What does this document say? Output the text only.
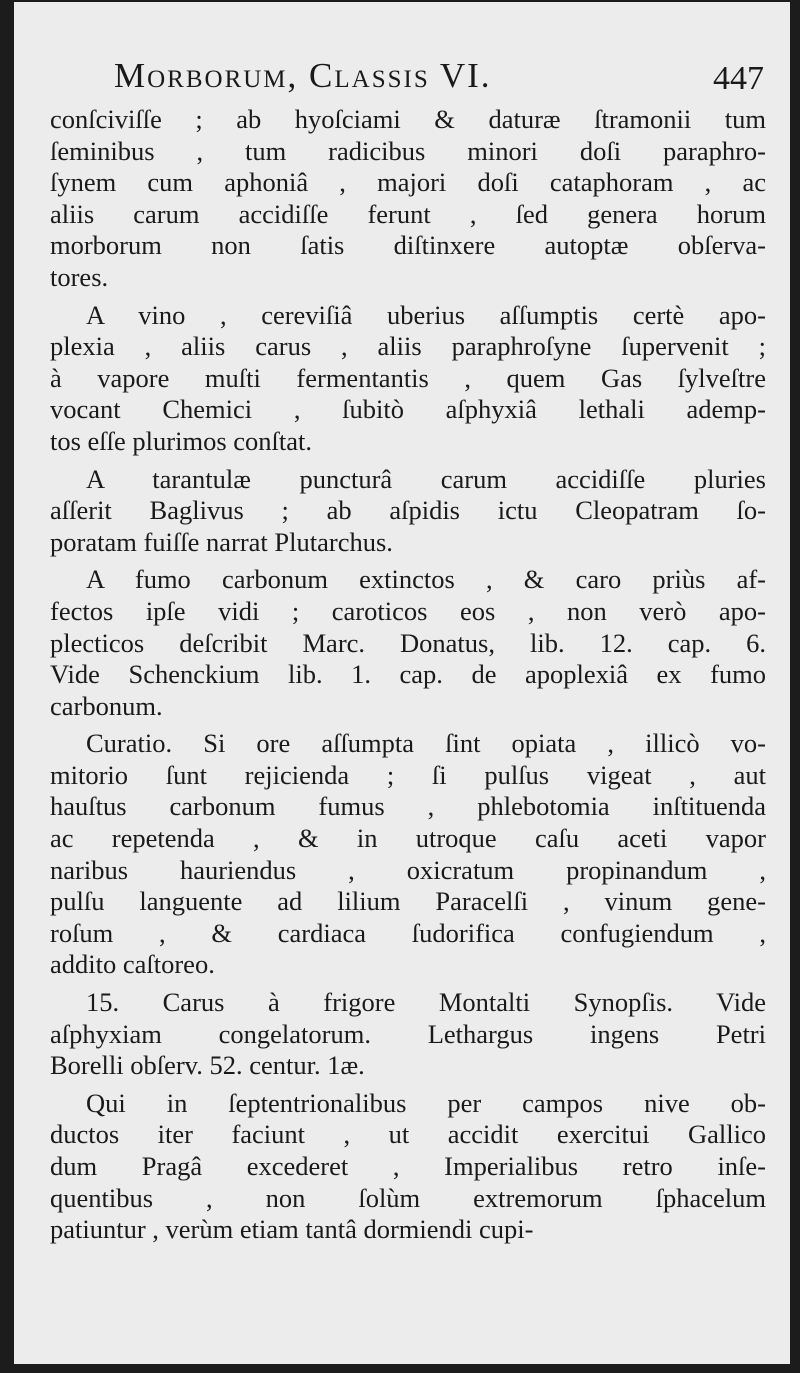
Morborum, Classis VI.	447
conſciviſſe ; ab hyoſciami & daturæ ſtramonii tum
ſeminibus , tum radicibus minori doſi paraphro-
ſynem cum aphoniâ , majori doſi cataphoram , ac
aliis carum accidiſſe ferunt , ſed genera horum
morborum non ſatis diſtinxere autoptæ obſerva-
tores.
A vino , cereviſiâ uberius aſſumptis certè apo-
plexia , aliis carus , aliis paraphroſyne ſupervenit ;
à vapore muſti fermentantis , quem Gas ſylveſtre
vocant Chemici , ſubitò aſphyxiâ lethali ademp-
tos eſſe plurimos conſtat.
A tarantulæ puncturâ carum accidiſſe pluries
aſſerit Baglivus ; ab aſpidis ictu Cleopatram ſo-
poratam fuiſſe narrat Plutarchus.
A fumo carbonum extinctos , & caro priùs af-
fectos ipſe vidi ; caroticos eos , non verò apo-
plecticos deſcribit Marc. Donatus, lib. 12. cap. 6.
Vide Schenckium lib. 1. cap. de apoplexiâ ex fumo
carbonum.
Curatio. Si ore aſſumpta ſint opiata , illicò vo-
mitorio ſunt rejicienda ; ſi pulſus vigeat , aut
hauſtus carbonum fumus , phlebotomia inſtituenda
ac repetenda , & in utroque caſu aceti vapor
naribus hauriendus , oxicratum propinandum ,
pulſu languente ad lilium Paracelſi , vinum gene-
roſum , & cardiaca ſudorifica confugiendum ,
addito caſtoreo.
15. Carus à frigore Montalti Synopſis. Vide
aſphyxiam congelatorum. Lethargus ingens Petri
Borelli obſerv. 52. centur. 1æ.
Qui in ſeptentrionalibus per campos nive ob-
ductos iter faciunt , ut accidit exercitui Gallico
dum Pragâ excederet , Imperialibus retro inſe-
quentibus , non ſolùm extremorum ſphacelum
patiuntur , verùm etiam tantâ dormiendi cupi-
